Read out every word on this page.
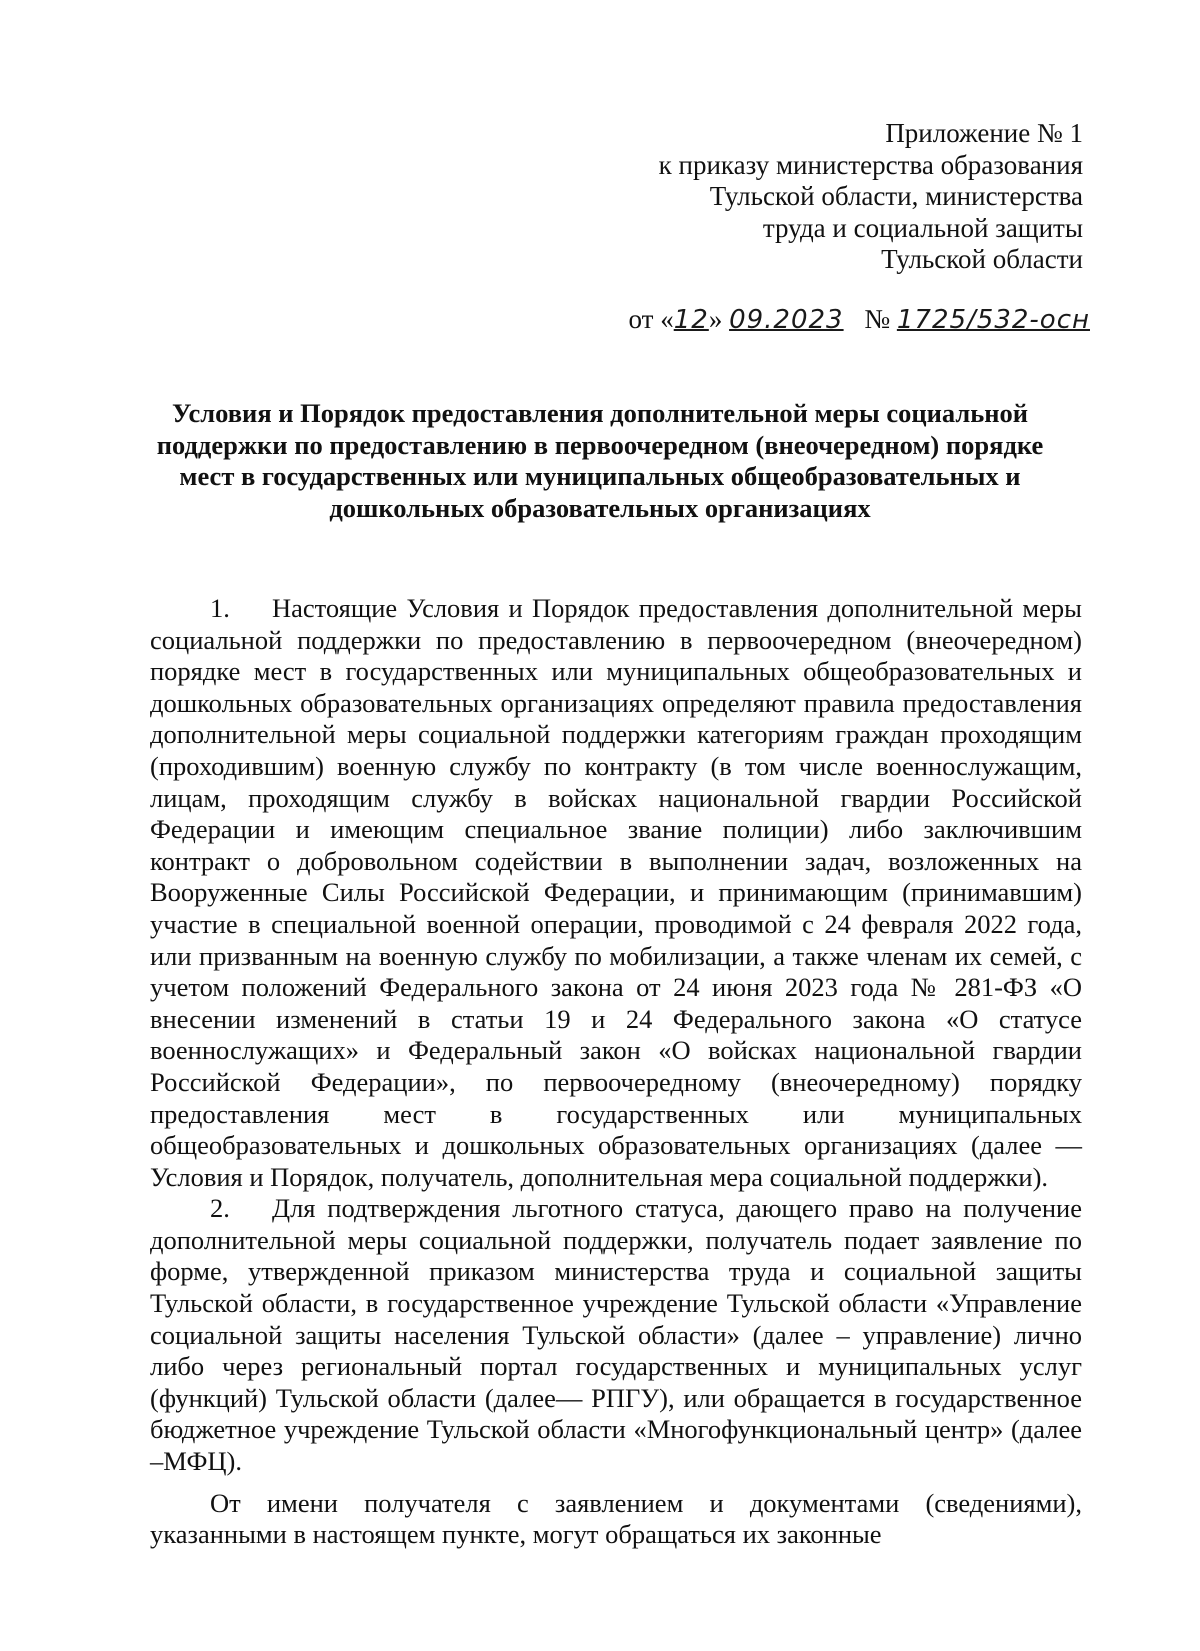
Приложение № 1
к приказу министерства образования
Тульской области, министерства
труда и социальной защиты
Тульской области
от «12» 09.2023 № 1725/532-осн
Условия и Порядок предоставления дополнительной меры социальной
поддержки по предоставлению в первоочередном (внеочередном) порядке
мест в государственных или муниципальных общеобразовательных и
дошкольных образовательных организациях

1. Настоящие Условия и Порядок предоставления дополнительной меры социальной поддержки по предоставлению в первоочередном (внеочередном) порядке мест в государственных или муниципальных общеобразовательных и дошкольных образовательных организациях определяют правила предоставления дополнительной меры социальной поддержки категориям граждан проходящим (проходившим) военную службу по контракту (в том числе военнослужащим, лицам, проходящим службу в войсках национальной гвардии Российской Федерации и имеющим специальное звание полиции) либо заключившим контракт о добровольном содействии в выполнении задач, возложенных на Вооруженные Силы Российской Федерации, и принимающим (принимавшим) участие в специальной военной операции, проводимой с 24 февраля 2022 года, или призванным на военную службу по мобилизации, а также членам их семей, с учетом положений Федерального закона от 24 июня 2023 года № 281-ФЗ «О внесении изменений в статьи 19 и 24 Федерального закона «О статусе военнослужащих» и Федеральный закон «О войсках национальной гвардии Российской Федерации», по первоочередному (внеочередному) порядку предоставления мест в государственных или муниципальных общеобразовательных и дошкольных образовательных организациях (далее — Условия и Порядок, получатель, дополнительная мера социальной поддержки).

2. Для подтверждения льготного статуса, дающего право на получение дополнительной меры социальной поддержки, получатель подает заявление по форме, утвержденной приказом министерства труда и социальной защиты Тульской области, в государственное учреждение Тульской области «Управление социальной защиты населения Тульской области» (далее – управление) лично либо через региональный портал государственных и муниципальных услуг (функций) Тульской области (далее— РПГУ), или обращается в государственное бюджетное учреждение Тульской области «Многофункциональный центр» (далее –МФЦ).

От имени получателя с заявлением и документами (сведениями), указанными в настоящем пункте, могут обращаться их законные
